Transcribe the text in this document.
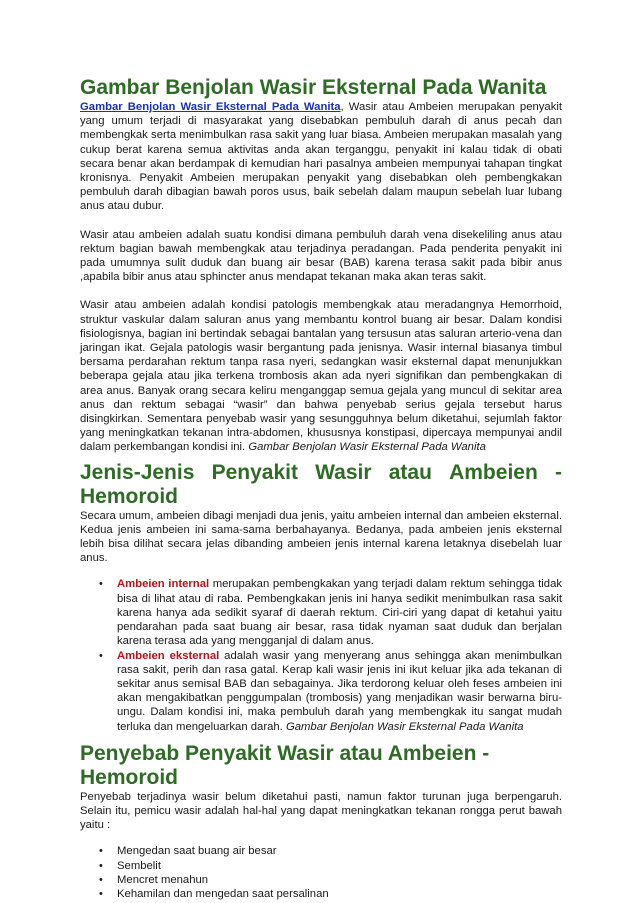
Gambar Benjolan Wasir Eksternal Pada Wanita

Gambar Benjolan Wasir Eksternal Pada Wanita, Wasir atau Ambeien merupakan penyakit yang umum terjadi di masyarakat yang disebabkan pembuluh darah di anus pecah dan membengkak serta menimbulkan rasa sakit yang luar biasa. Ambeien merupakan masalah yang cukup berat karena semua aktivitas anda akan terganggu, penyakit ini kalau tidak di obati secara benar akan berdampak di kemudian hari pasalnya ambeien mempunyai tahapan tingkat kronisnya. Penyakit Ambeien merupakan penyakit yang disebabkan oleh pembengkakan pembuluh darah dibagian bawah poros usus, baik sebelah dalam maupun sebelah luar lubang anus atau dubur.

Wasir atau ambeien adalah suatu kondisi dimana pembuluh darah vena disekeliling anus atau rektum bagian bawah membengkak atau terjadinya peradangan. Pada penderita penyakit ini pada umumnya sulit duduk dan buang air besar (BAB) karena terasa sakit pada bibir anus ,apabila bibir anus atau sphincter anus mendapat tekanan maka akan teras sakit.

Wasir atau ambeien adalah kondisi patologis membengkak atau meradangnya Hemorrhoid, struktur vaskular dalam saluran anus yang membantu kontrol buang air besar. Dalam kondisi fisiologisnya, bagian ini bertindak sebagai bantalan yang tersusun atas saluran arterio-vena dan jaringan ikat. Gejala patologis wasir bergantung pada jenisnya. Wasir internal biasanya timbul bersama perdarahan rektum tanpa rasa nyeri, sedangkan wasir eksternal dapat menunjukkan beberapa gejala atau jika terkena trombosis akan ada nyeri signifikan dan pembengkakan di area anus. Banyak orang secara keliru menganggap semua gejala yang muncul di sekitar area anus dan rektum sebagai “wasir” dan bahwa penyebab serius gejala tersebut harus disingkirkan. Sementara penyebab wasir yang sesungguhnya belum diketahui, sejumlah faktor yang meningkatkan tekanan intra-abdomen, khususnya konstipasi, dipercaya mempunyai andil dalam perkembangan kondisi ini. Gambar Benjolan Wasir Eksternal Pada Wanita

Jenis-Jenis Penyakit Wasir atau Ambeien -
Hemoroid

Secara umum, ambeien dibagi menjadi dua jenis, yaitu ambeien internal dan ambeien eksternal. Kedua jenis ambeien ini sama-sama berbahayanya. Bedanya, pada ambeien jenis eksternal lebih bisa dilihat secara jelas dibanding ambeien jenis internal karena letaknya disebelah luar anus.

• Ambeien internal merupakan pembengkakan yang terjadi dalam rektum sehingga tidak bisa di lihat atau di raba. Pembengkakan jenis ini hanya sedikit menimbulkan rasa sakit karena hanya ada sedikit syaraf di daerah rektum. Ciri-ciri yang dapat di ketahui yaitu pendarahan pada saat buang air besar, rasa tidak nyaman saat duduk dan berjalan karena terasa ada yang mengganjal di dalam anus.
• Ambeien eksternal adalah wasir yang menyerang anus sehingga akan menimbulkan rasa sakit, perih dan rasa gatal. Kerap kali wasir jenis ini ikut keluar jika ada tekanan di sekitar anus semisal BAB dan sebagainya. Jika terdorong keluar oleh feses ambeien ini akan mengakibatkan penggumpalan (trombosis) yang menjadikan wasir berwarna biru-ungu. Dalam kondisi ini, maka pembuluh darah yang membengkak itu sangat mudah terluka dan mengeluarkan darah. Gambar Benjolan Wasir Eksternal Pada Wanita
Penyebab Penyakit Wasir atau Ambeien - Hemoroid

Penyebab terjadinya wasir belum diketahui pasti, namun faktor turunan juga berpengaruh. Selain itu, pemicu wasir adalah hal-hal yang dapat meningkatkan tekanan rongga perut bawah yaitu :

• Mengedan saat buang air besar
• Sembelit
• Mencret menahun
• Kehamilan dan mengedan saat persalinan
